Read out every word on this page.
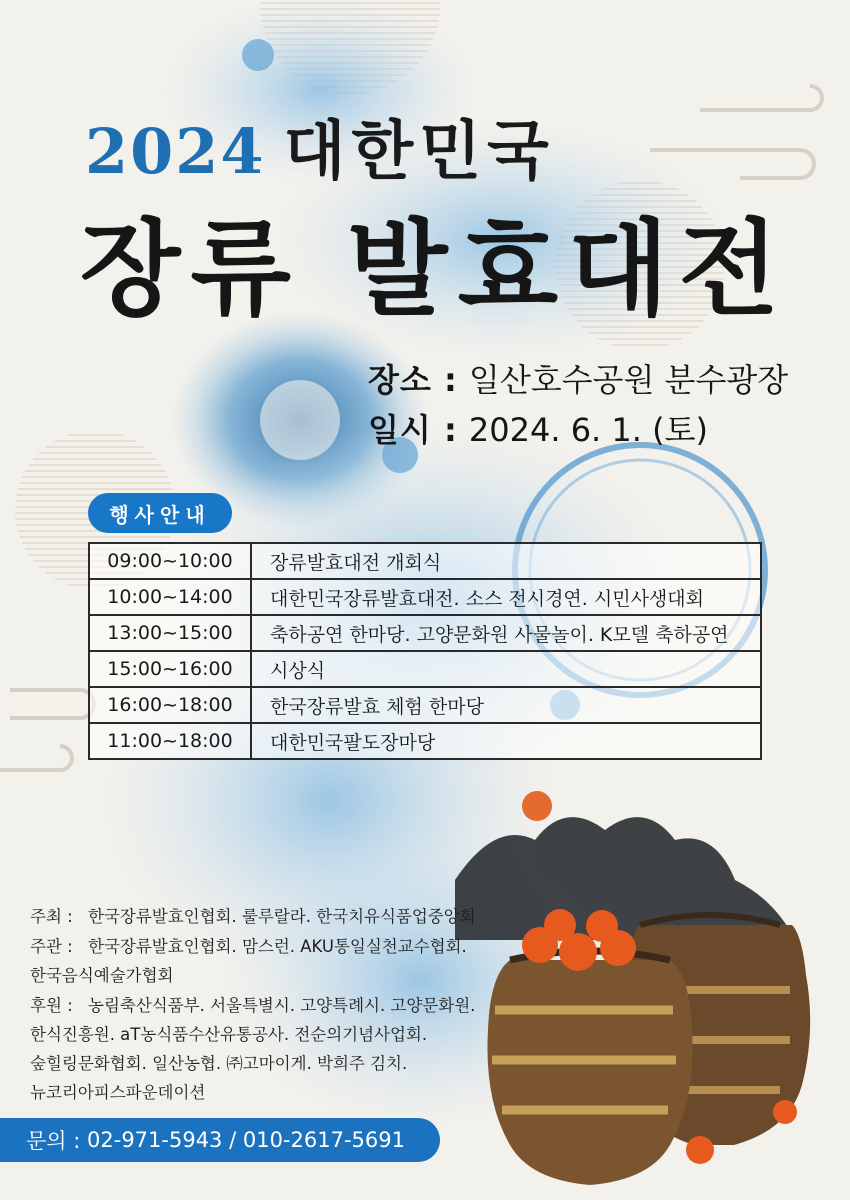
2024 대한민국
장류 발효대전
장소 : 일산호수공원 분수광장
일시 : 2024. 6. 1. (토)
행사안내
09:00~10:00	장류발효대전 개회식
10:00~14:00	대한민국장류발효대전. 소스 전시경연. 시민사생대회
13:00~15:00	축하공연 한마당. 고양문화원 사물놀이. K모델 축하공연
15:00~16:00	시상식
16:00~18:00	한국장류발효 체험 한마당
11:00~18:00	대한민국팔도장마당
주최 : 한국장류발효인협회. 룰루랄라. 한국치유식품업중앙회
주관 : 한국장류발효인협회. 맘스런. AKU통일실천교수협회.
한국음식예술가협회
후원 : 농림축산식품부. 서울특별시. 고양특례시. 고양문화원.
한식진흥원. aT농식품수산유통공사. 전순의기념사업회.
숲힐링문화협회. 일산농협. ㈜고마이게. 박희주 김치.
뉴코리아피스파운데이션
문의 :
02-971-5943 / 010-2617-5691
